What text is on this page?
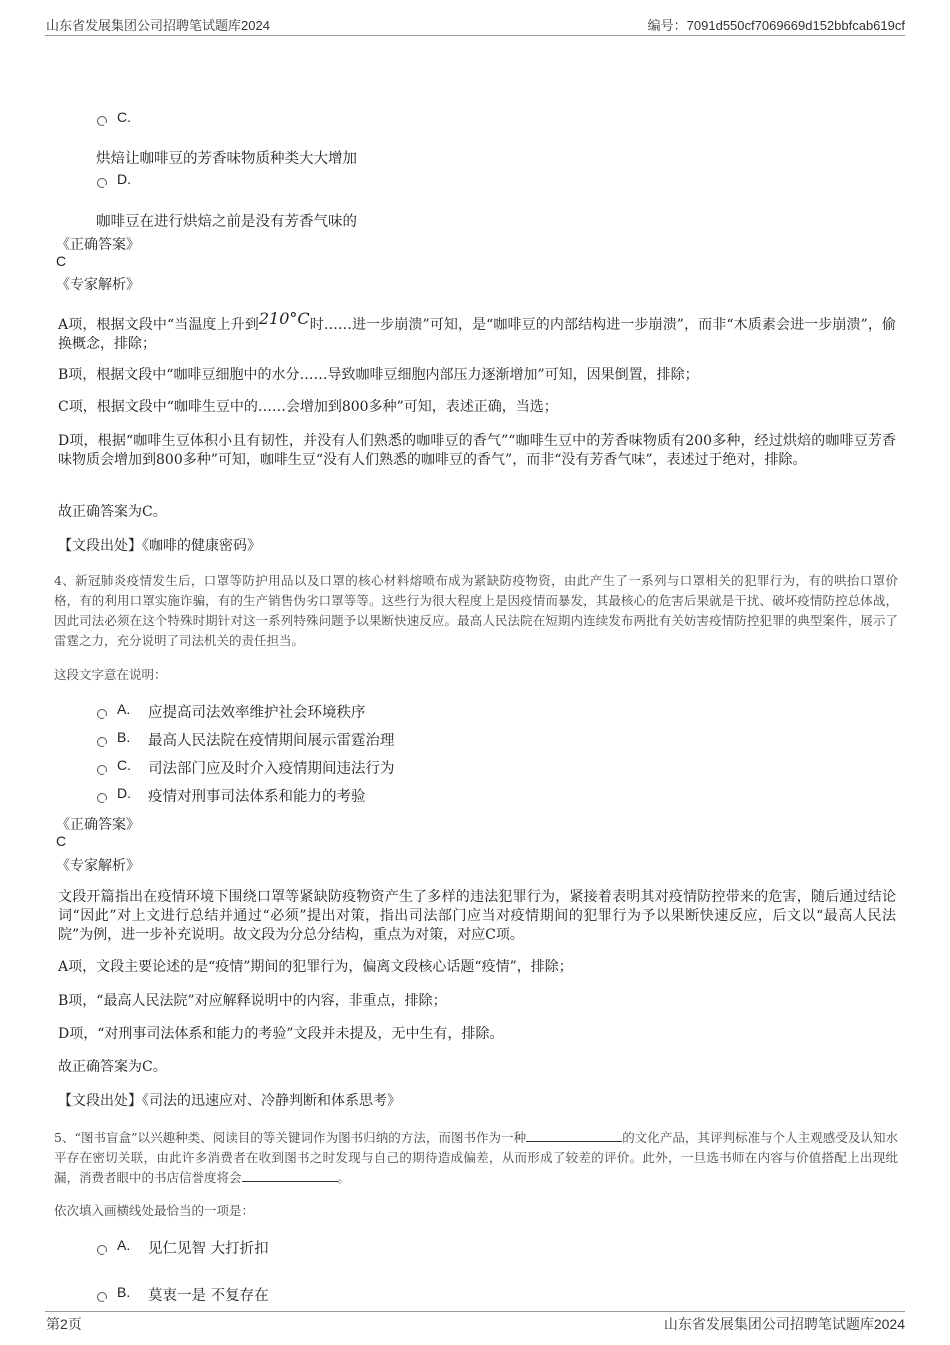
山东省发展集团公司招聘笔试题库2024	编号：7091d550cf7069669d152bbfcab619cf
C.
烘焙让咖啡豆的芳香味物质种类大大增加
D.
咖啡豆在进行烘焙之前是没有芳香气味的
《正确答案》
C
《专家解析》
A项，根据文段中“当温度上升到210°C时……进一步崩溃”可知，是“咖啡豆的内部结构进一步崩溃”，而非“木质素会进一步崩溃”，偷换概念，排除；
B项，根据文段中“咖啡豆细胞中的水分……导致咖啡豆细胞内部压力逐渐增加”可知，因果倒置，排除；
C项，根据文段中“咖啡生豆中的……会增加到800多种”可知，表述正确，当选；
D项，根据“咖啡生豆体积小且有韧性，并没有人们熟悉的咖啡豆的香气”“咖啡生豆中的芳香味物质有200多种，经过烘焙的咖啡豆芳香味物质会增加到800多种”可知，咖啡生豆“没有人们熟悉的咖啡豆的香气”，而非“没有芳香气味”，表述过于绝对，排除。
故正确答案为C。
【文段出处】《咖啡的健康密码》
4、新冠肺炎疫情发生后，口罩等防护用品以及口罩的核心材料熔喷布成为紧缺防疫物资，由此产生了一系列与口罩相关的犯罪行为，有的哄抬口罩价格，有的利用口罩实施诈骗，有的生产销售伪劣口罩等等。这些行为很大程度上是因疫情而暴发，其最核心的危害后果就是干扰、破坏疫情防控总体战，因此司法必须在这个特殊时期针对这一系列特殊问题予以果断快速反应。最高人民法院在短期内连续发布两批有关妨害疫情防控犯罪的典型案件，展示了雷霆之力，充分说明了司法机关的责任担当。
这段文字意在说明：
A. 应提高司法效率维护社会环境秩序
B. 最高人民法院在疫情期间展示雷霆治理
C. 司法部门应及时介入疫情期间违法行为
D. 疫情对刑事司法体系和能力的考验
《正确答案》
C
《专家解析》
文段开篇指出在疫情环境下围绕口罩等紧缺防疫物资产生了多样的违法犯罪行为，紧接着表明其对疫情防控带来的危害，随后通过结论词“因此”对上文进行总结并通过“必须”提出对策，指出司法部门应当对疫情期间的犯罪行为予以果断快速反应，后文以“最高人民法院”为例，进一步补充说明。故文段为分总分结构，重点为对策，对应C项。
A项，文段主要论述的是“疫情”期间的犯罪行为，偏离文段核心话题“疫情”，排除；
B项，“最高人民法院”对应解释说明中的内容，非重点，排除；
D项，“对刑事司法体系和能力的考验”文段并未提及，无中生有，排除。
故正确答案为C。
【文段出处】《司法的迅速应对、冷静判断和体系思考》
5、“图书盲盒”以兴趣种类、阅读目的等关键词作为图书归纳的方法，而图书作为一种	的文化产品，其评判标准与个人主观感受及认知水平存在密切关联，由此许多消费者在收到图书之时发现与自己的期待造成偏差，从而形成了较差的评价。此外，一旦选书师在内容与价值搭配上出现纰漏，消费者眼中的书店信誉度将会	。
依次填入画横线处最恰当的一项是：
A. 见仁见智 大打折扣
B. 莫衷一是 不复存在
第2页	山东省发展集团公司招聘笔试题库2024
